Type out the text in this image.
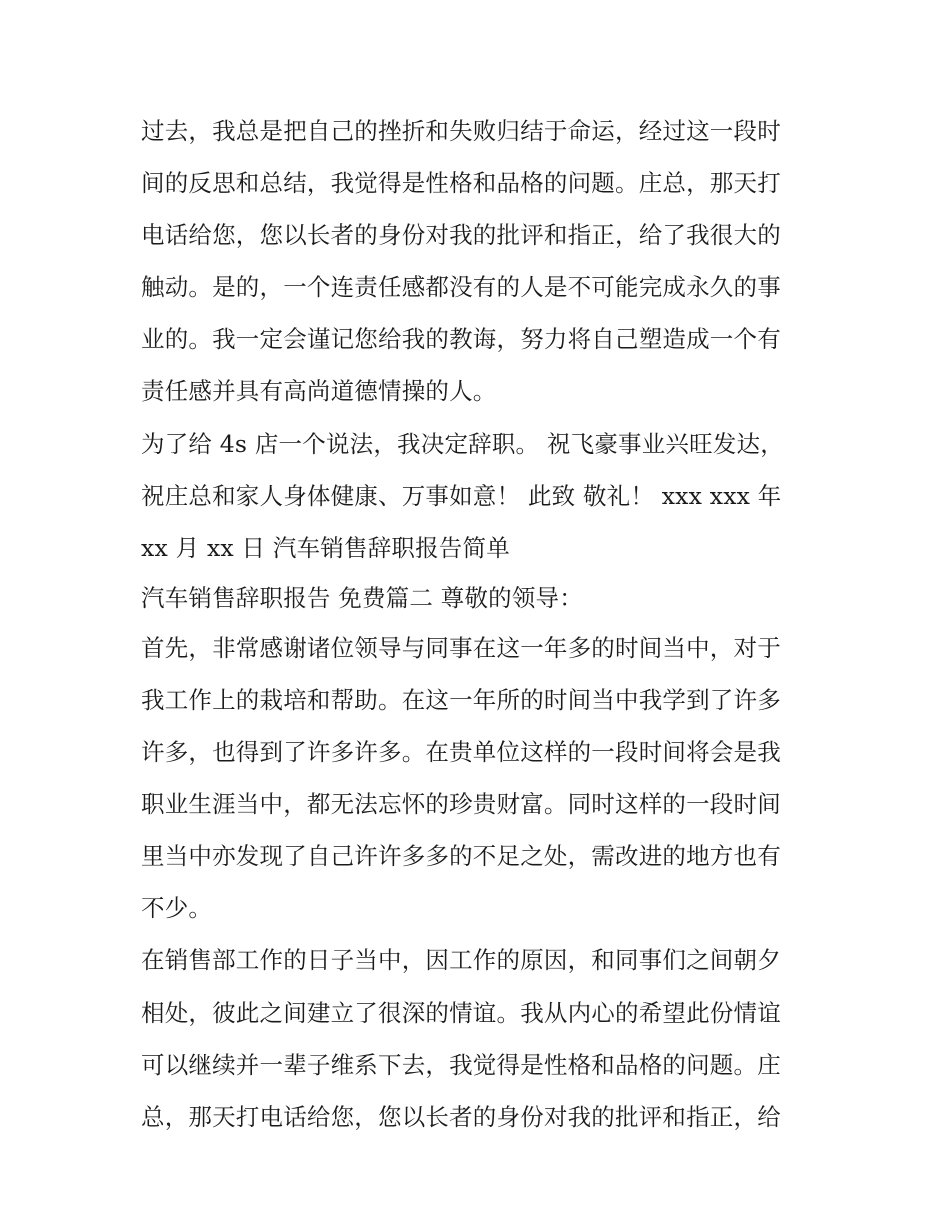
过去，我总是把自己的挫折和失败归结于命运，经过这一段时
间的反思和总结，我觉得是性格和品格的问题。庄总，那天打
电话给您，您以长者的身份对我的批评和指正，给了我很大的
触动。是的，一个连责任感都没有的人是不可能完成永久的事
业的。我一定会谨记您给我的教诲，努力将自己塑造成一个有
责任感并具有高尚道德情操的人。
为了给 4s 店一个说法，我决定辞职。 祝飞豪事业兴旺发达，
祝庄总和家人身体健康、万事如意！ 此致 敬礼！ xxx xxx 年
xx 月 xx 日 汽车销售辞职报告简单
汽车销售辞职报告 免费篇二 尊敬的领导：
首先，非常感谢诸位领导与同事在这一年多的时间当中，对于
我工作上的栽培和帮助。在这一年所的时间当中我学到了许多
许多，也得到了许多许多。在贵单位这样的一段时间将会是我
职业生涯当中，都无法忘怀的珍贵财富。同时这样的一段时间
里当中亦发现了自己许许多多的不足之处，需改进的地方也有
不少。
在销售部工作的日子当中，因工作的原因，和同事们之间朝夕
相处，彼此之间建立了很深的情谊。我从内心的希望此份情谊
可以继续并一辈子维系下去，我觉得是性格和品格的问题。庄
总，那天打电话给您，您以长者的身份对我的批评和指正，给
